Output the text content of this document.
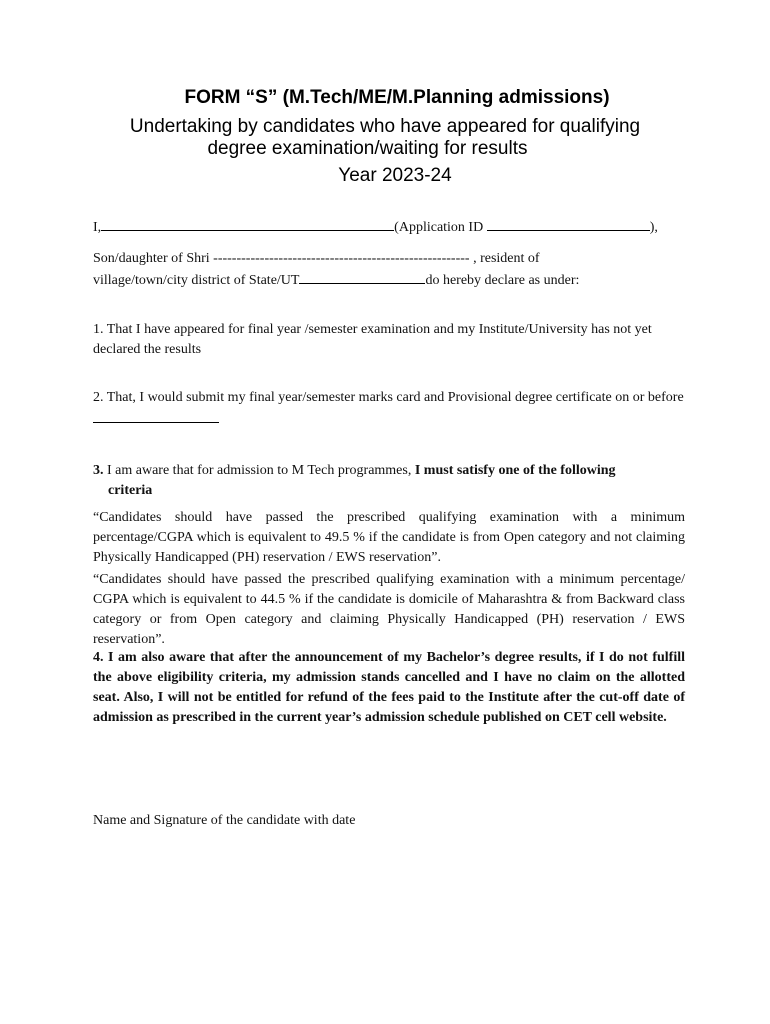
FORM “S” (M.Tech/ME/M.Planning admissions)
Undertaking by candidates who have appeared for qualifying
degree examination/waiting for results
Year 2023-24

I,	(Application ID	),

Son/daughter of Shri ------------------------------------------------------- , resident of

village/town/city district of State/UT	do hereby declare as under:

1. That I have appeared for final year /semester examination and my Institute/University has not yet declared the results

2. That, I would submit my final year/semester marks card and Provisional degree certificate on or before

3. I am aware that for admission to M Tech programmes, I must satisfy one of the following
criteria

“Candidates should have passed the prescribed qualifying examination with a minimum percentage/CGPA which is equivalent to 49.5 % if the candidate is from Open category and not claiming Physically Handicapped (PH) reservation / EWS reservation”.

“Candidates should have passed the prescribed qualifying examination with a minimum percentage/ CGPA which is equivalent to 44.5 % if the candidate is domicile of Maharashtra & from Backward class category or from Open category and claiming Physically Handicapped (PH) reservation / EWS reservation”.

4. I am also aware that after the announcement of my Bachelor’s degree results, if I do not fulfill the above eligibility criteria, my admission stands cancelled and I have no claim on the allotted seat. Also, I will not be entitled for refund of the fees paid to the Institute after the cut-off date of admission as prescribed in the current year’s admission schedule published on CET cell website.

Name and Signature of the candidate with date
